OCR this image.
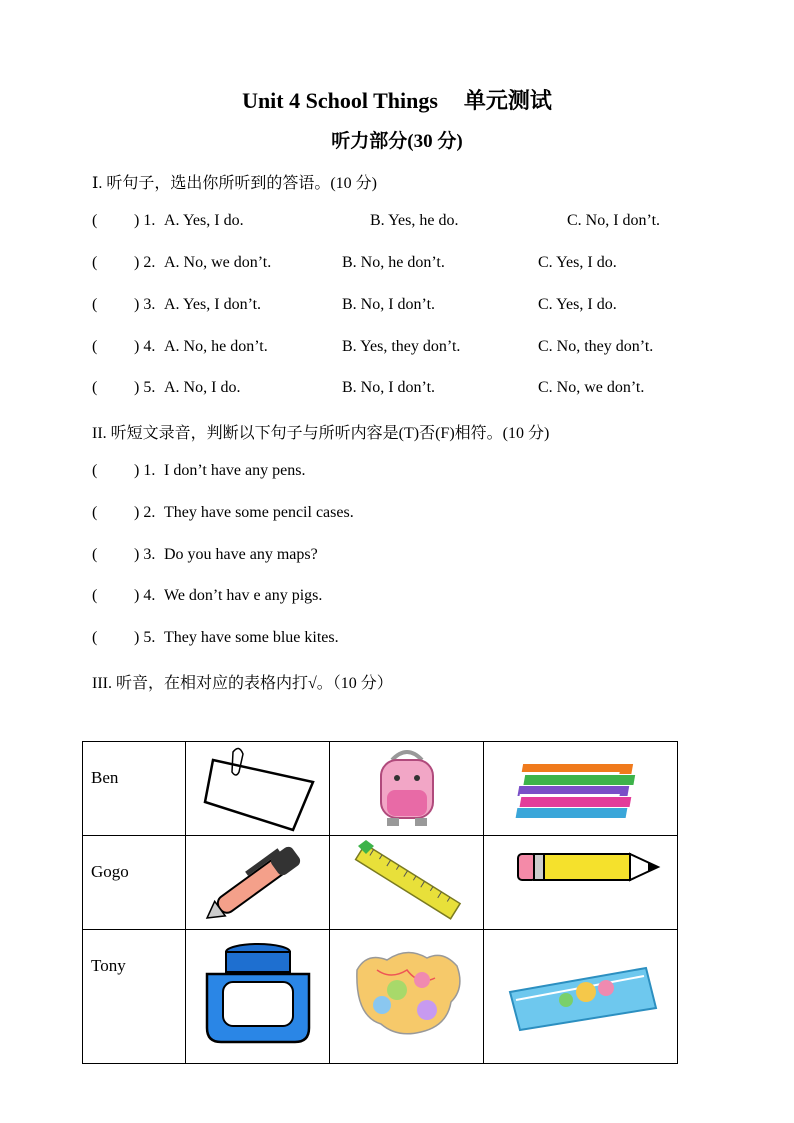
Unit 4 School Things 单元测试
听力部分(30 分)
Ⅰ. 听句子，选出你所听到的答语。(10 分)
( ) 1. A. Yes, I do.	B. Yes, he do.	C. No, I don’t.
( ) 2. A. No, we don’t.	B. No, he don’t.	C. Yes, I do.
( ) 3. A. Yes, I don’t.	B. No, I don’t.	C. Yes, I do.
( ) 4. A. No, he don’t.	B. Yes, they don’t.	C. No, they don’t.
( ) 5. A. No, I do.	B. No, I don’t.	C. No, we don’t.
II. 听短文录音，判断以下句子与所听内容是(T)否(F)相符。(10 分)
( ) 1. I don’t have any pens.
( ) 2. They have some pencil cases.
( ) 3. Do you have any maps?
( ) 4. We don’t hav e any pigs.
( ) 5. They have some blue kites.
III. 听音，在相对应的表格内打√。（10 分）
Ben	

Gogo	

Tony	
